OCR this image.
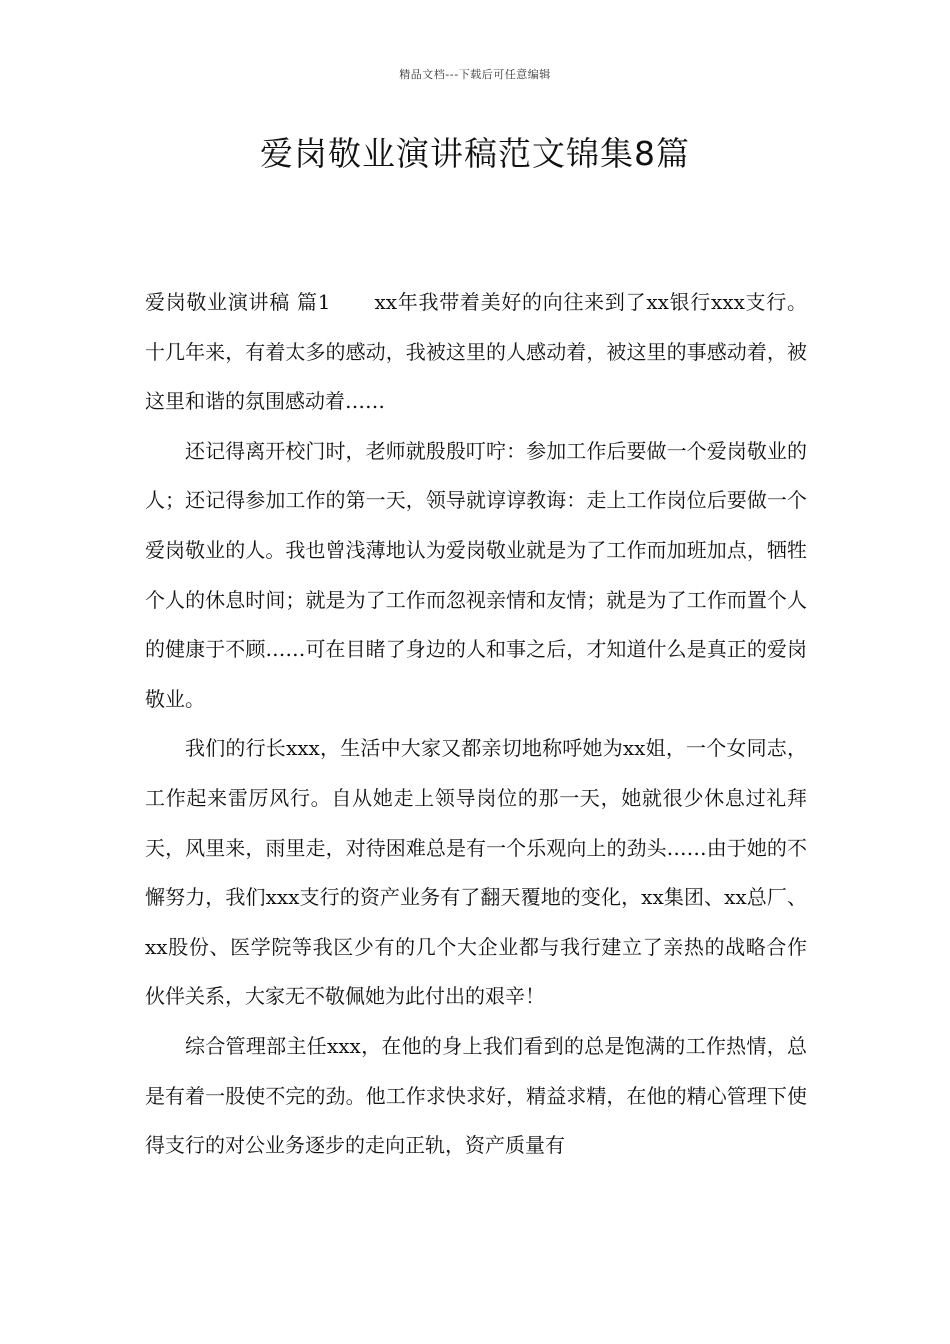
精品文档---下载后可任意编辑
爱岗敬业演讲稿范文锦集8篇

爱岗敬业演讲稿 篇1 xx年我带着美好的向往来到了xx银行xxx支行。十几年来，有着太多的感动，我被这里的人感动着，被这里的事感动着，被这里和谐的氛围感动着……

还记得离开校门时，老师就殷殷叮咛：参加工作后要做一个爱岗敬业的人；还记得参加工作的第一天，领导就谆谆教诲：走上工作岗位后要做一个爱岗敬业的人。我也曾浅薄地认为爱岗敬业就是为了工作而加班加点，牺牲个人的休息时间；就是为了工作而忽视亲情和友情；就是为了工作而置个人的健康于不顾……可在目睹了身边的人和事之后，才知道什么是真正的爱岗敬业。

我们的行长xxx，生活中大家又都亲切地称呼她为xx姐，一个女同志，工作起来雷厉风行。自从她走上领导岗位的那一天，她就很少休息过礼拜天，风里来，雨里走，对待困难总是有一个乐观向上的劲头……由于她的不懈努力，我们xxx支行的资产业务有了翻天覆地的变化，xx集团、xx总厂、xx股份、医学院等我区少有的几个大企业都与我行建立了亲热的战略合作伙伴关系，大家无不敬佩她为此付出的艰辛！

综合管理部主任xxx，在他的身上我们看到的总是饱满的工作热情，总是有着一股使不完的劲。他工作求快求好，精益求精，在他的精心管理下使得支行的对公业务逐步的走向正轨，资产质量有
